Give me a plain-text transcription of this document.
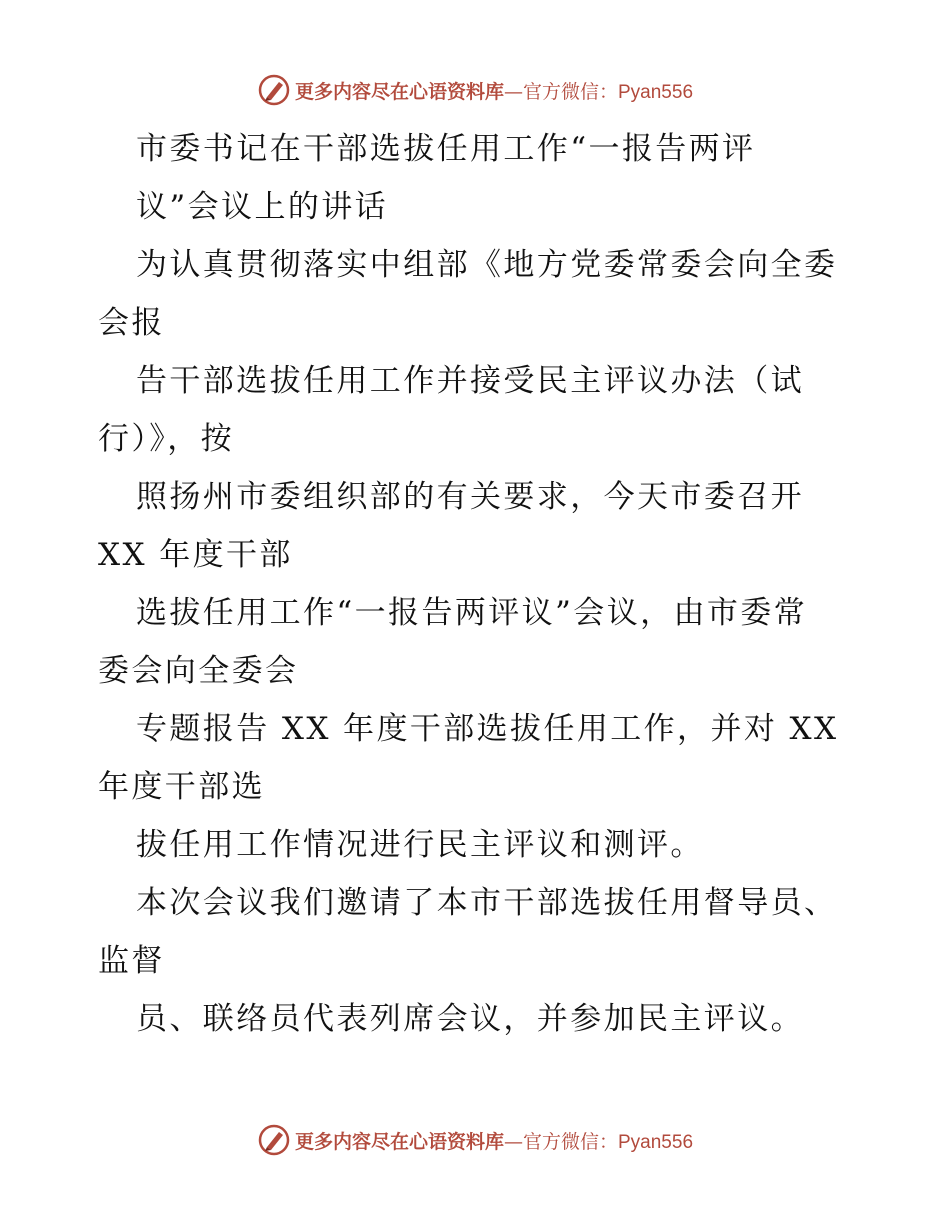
更多内容尽在心语资料库—官方微信：Pyan556
市委书记在干部选拔任用工作“一报告两评
议”会议上的讲话
为认真贯彻落实中组部《地方党委常委会向全委
会报
告干部选拔任用工作并接受民主评议办法（试
行）》，按
照扬州市委组织部的有关要求，今天市委召开
XX 年度干部
选拔任用工作“一报告两评议”会议，由市委常
委会向全委会
专题报告 XX 年度干部选拔任用工作，并对 XX
年度干部选
拔任用工作情况进行民主评议和测评。
本次会议我们邀请了本市干部选拔任用督导员、
监督
员、联络员代表列席会议，并参加民主评议。
更多内容尽在心语资料库—官方微信：Pyan556
